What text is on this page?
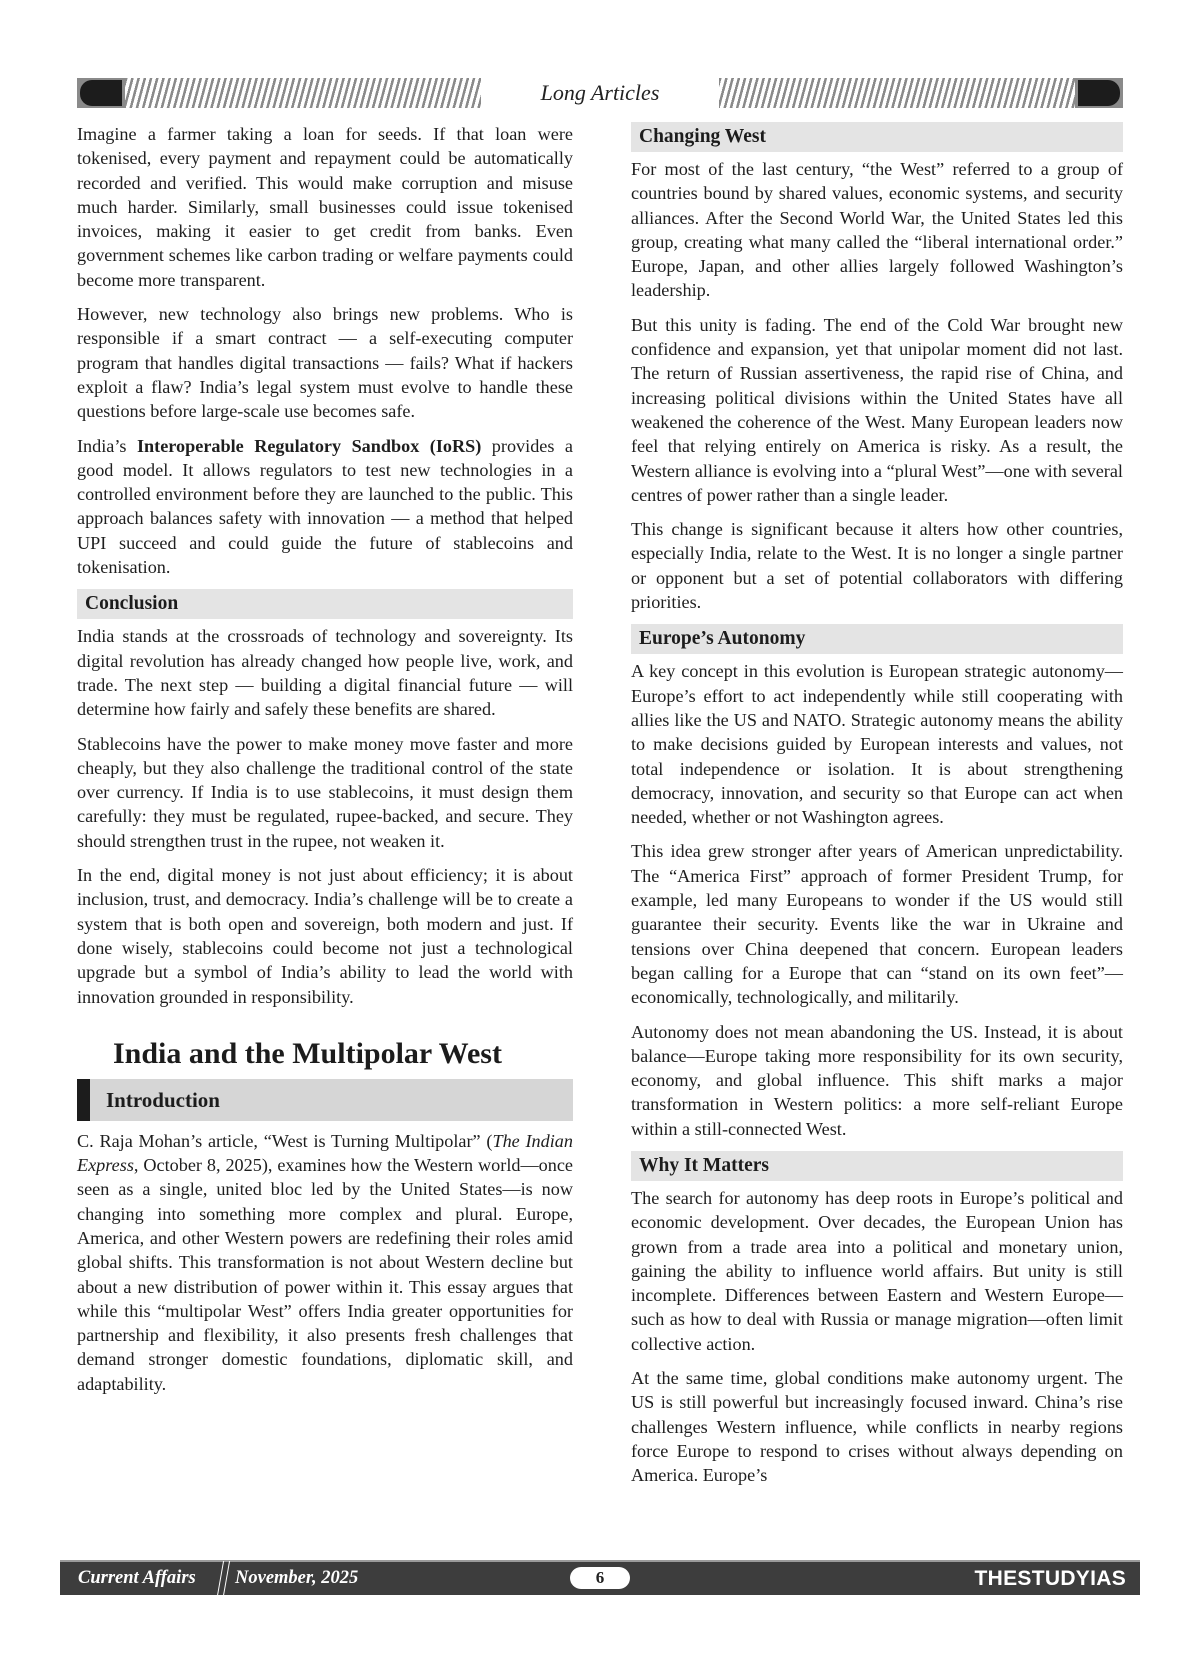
Long Articles

Imagine a farmer taking a loan for seeds. If that loan were tokenised, every payment and repayment could be automatically recorded and verified. This would make corruption and misuse much harder. Similarly, small businesses could issue tokenised invoices, making it easier to get credit from banks. Even government schemes like carbon trading or welfare payments could become more transparent.

However, new technology also brings new problems. Who is responsible if a smart contract — a self-executing computer program that handles digital transactions — fails? What if hackers exploit a flaw? India’s legal system must evolve to handle these questions before large-scale use becomes safe.

India’s Interoperable Regulatory Sandbox (IoRS) provides a good model. It allows regulators to test new technologies in a controlled environment before they are launched to the public. This approach balances safety with innovation — a method that helped UPI succeed and could guide the future of stablecoins and tokenisation.

Conclusion

India stands at the crossroads of technology and sovereignty. Its digital revolution has already changed how people live, work, and trade. The next step — building a digital financial future — will determine how fairly and safely these benefits are shared.

Stablecoins have the power to make money move faster and more cheaply, but they also challenge the traditional control of the state over currency. If India is to use stablecoins, it must design them carefully: they must be regulated, rupee-backed, and secure. They should strengthen trust in the rupee, not weaken it.

In the end, digital money is not just about efficiency; it is about inclusion, trust, and democracy. India’s challenge will be to create a system that is both open and sovereign, both modern and just. If done wisely, stablecoins could become not just a technological upgrade but a symbol of India’s ability to lead the world with innovation grounded in responsibility.

India and the Multipolar West
Introduction

C. Raja Mohan’s article, “West is Turning Multipolar” (The Indian Express, October 8, 2025), examines how the Western world—once seen as a single, united bloc led by the United States—is now changing into something more complex and plural. Europe, America, and other Western powers are redefining their roles amid global shifts. This transformation is not about Western decline but about a new distribution of power within it. This essay argues that while this “multipolar West” offers India greater opportunities for partnership and flexibility, it also presents fresh challenges that demand stronger domestic foundations, diplomatic skill, and adaptability.

Changing West

For most of the last century, “the West” referred to a group of countries bound by shared values, economic systems, and security alliances. After the Second World War, the United States led this group, creating what many called the “liberal international order.” Europe, Japan, and other allies largely followed Washington’s leadership.

But this unity is fading. The end of the Cold War brought new confidence and expansion, yet that unipolar moment did not last. The return of Russian assertiveness, the rapid rise of China, and increasing political divisions within the United States have all weakened the coherence of the West. Many European leaders now feel that relying entirely on America is risky. As a result, the Western alliance is evolving into a “plural West”—one with several centres of power rather than a single leader.

This change is significant because it alters how other countries, especially India, relate to the West. It is no longer a single partner or opponent but a set of potential collaborators with differing priorities.

Europe’s Autonomy

A key concept in this evolution is European strategic autonomy—Europe’s effort to act independently while still cooperating with allies like the US and NATO. Strategic autonomy means the ability to make decisions guided by European interests and values, not total independence or isolation. It is about strengthening democracy, innovation, and security so that Europe can act when needed, whether or not Washington agrees.

This idea grew stronger after years of American unpredictability. The “America First” approach of former President Trump, for example, led many Europeans to wonder if the US would still guarantee their security. Events like the war in Ukraine and tensions over China deepened that concern. European leaders began calling for a Europe that can “stand on its own feet”—economically, technologically, and militarily.

Autonomy does not mean abandoning the US. Instead, it is about balance—Europe taking more responsibility for its own security, economy, and global influence. This shift marks a major transformation in Western politics: a more self-reliant Europe within a still-connected West.

Why It Matters

The search for autonomy has deep roots in Europe’s political and economic development. Over decades, the European Union has grown from a trade area into a political and monetary union, gaining the ability to influence world affairs. But unity is still incomplete. Differences between Eastern and Western Europe—such as how to deal with Russia or manage migration—often limit collective action.

At the same time, global conditions make autonomy urgent. The US is still powerful but increasingly focused inward. China’s rise challenges Western influence, while conflicts in nearby regions force Europe to respond to crises without always depending on America. Europe’s

Current Affairs November, 2025	6	THESTUDYIAS
